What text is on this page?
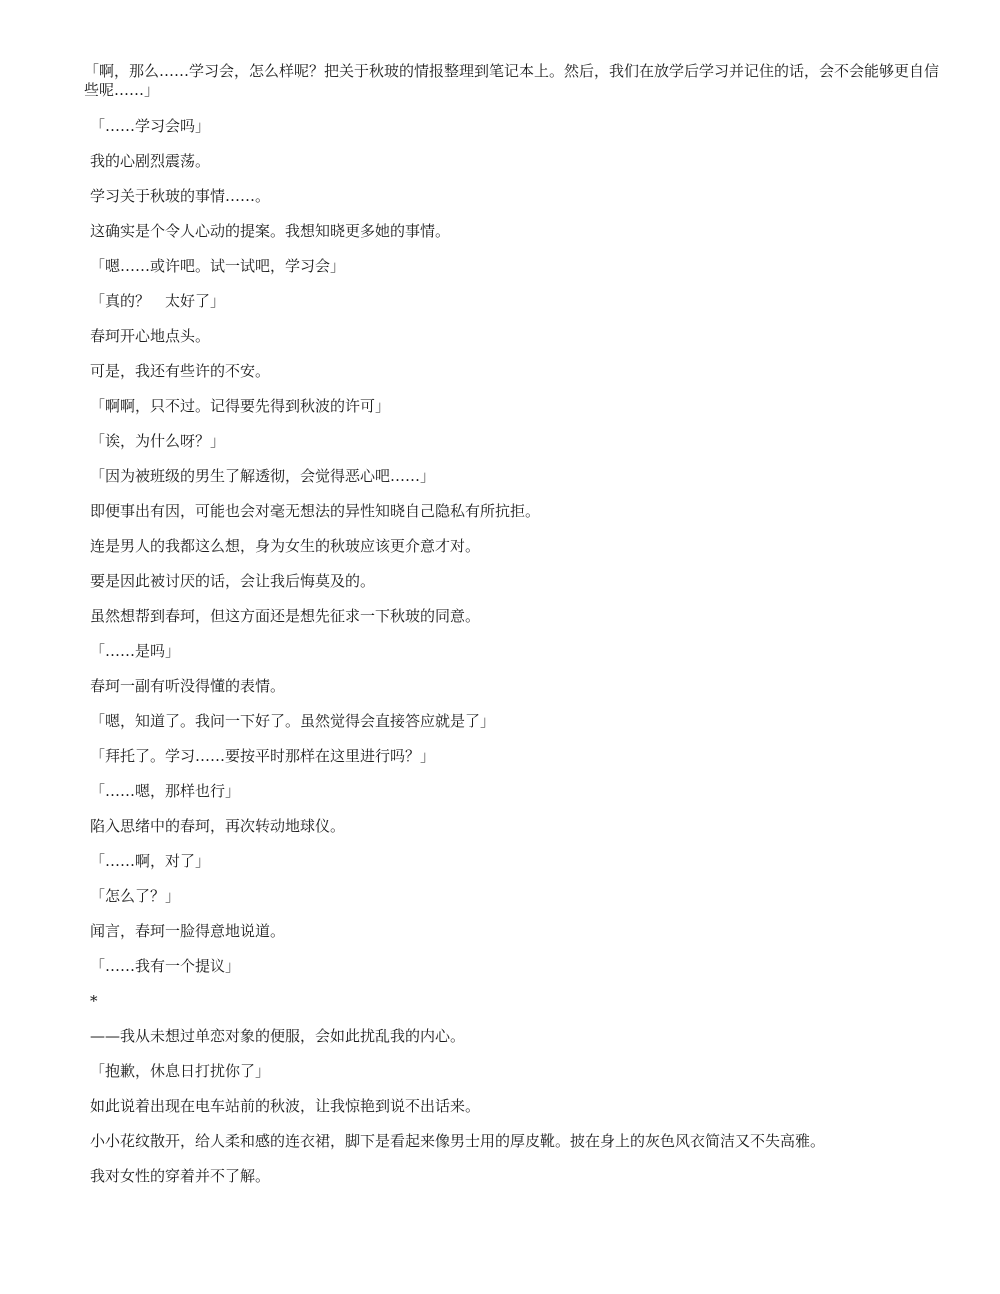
「啊，那么……学习会，怎么样呢？把关于秋玻的情报整理到笔记本上。然后，我们在放学后学习并记住的话，会不会能够更自信些呢……」

「……学习会吗」

我的心剧烈震荡。

学习关于秋玻的事情……。

这确实是个令人心动的提案。我想知晓更多她的事情。

「嗯……或许吧。试一试吧，学习会」

「真的？　太好了」

春珂开心地点头。

可是，我还有些许的不安。

「啊啊，只不过。记得要先得到秋波的许可」

「诶，为什么呀？」

「因为被班级的男生了解透彻，会觉得恶心吧……」

即便事出有因，可能也会对毫无想法的异性知晓自己隐私有所抗拒。

连是男人的我都这么想，身为女生的秋玻应该更介意才对。

要是因此被讨厌的话，会让我后悔莫及的。

虽然想帮到春珂，但这方面还是想先征求一下秋玻的同意。

「……是吗」

春珂一副有听没得懂的表情。

「嗯，知道了。我问一下好了。虽然觉得会直接答应就是了」

「拜托了。学习……要按平时那样在这里进行吗？」

「……嗯，那样也行」

陷入思绪中的春珂，再次转动地球仪。

「……啊，对了」

「怎么了？」

闻言，春珂一脸得意地说道。

「……我有一个提议」

*

——我从未想过单恋对象的便服，会如此扰乱我的内心。

「抱歉，休息日打扰你了」

如此说着出现在电车站前的秋波，让我惊艳到说不出话来。

小小花纹散开，给人柔和感的连衣裙，脚下是看起来像男士用的厚皮靴。披在身上的灰色风衣简洁又不失高雅。

我对女性的穿着并不了解。
